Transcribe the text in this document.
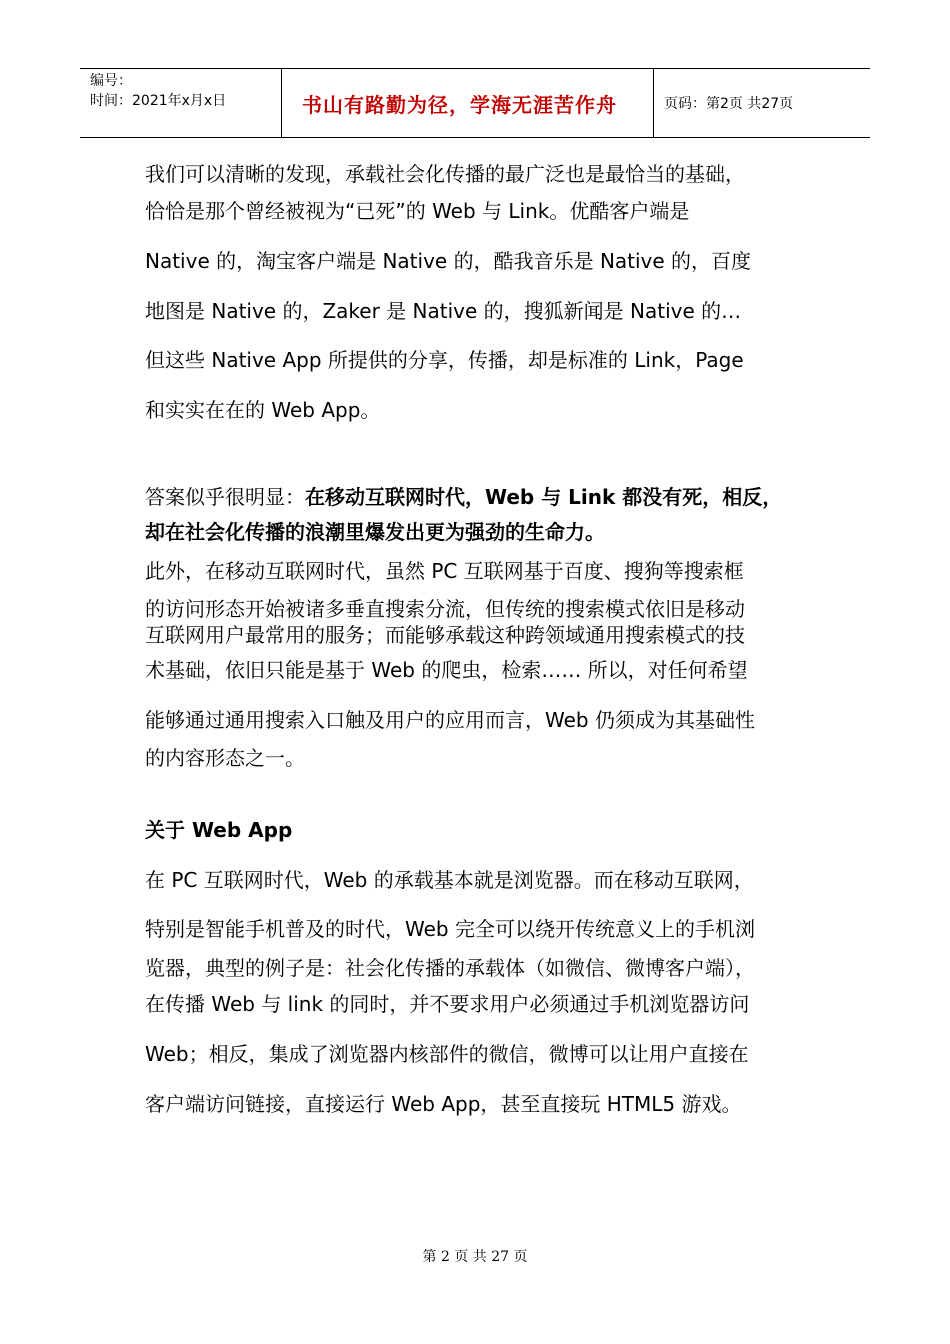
编号：
时间：2021年x月x日	书山有路勤为径，学海无涯苦作舟	页码：第2页 共27页
我们可以清晰的发现，承载社会化传播的最广泛也是最恰当的基础，
恰恰是那个曾经被视为“已死”的 Web 与 Link。优酷客户端是
Native 的，淘宝客户端是 Native 的，酷我音乐是 Native 的，百度
地图是 Native 的，Zaker 是 Native 的，搜狐新闻是 Native 的…
但这些 Native App 所提供的分享，传播，却是标准的 Link，Page
和实实在在的 Web App。
答案似乎很明显：在移动互联网时代，Web 与 Link 都没有死，相反，
却在社会化传播的浪潮里爆发出更为强劲的生命力。
此外，在移动互联网时代，虽然 PC 互联网基于百度、搜狗等搜索框
的访问形态开始被诸多垂直搜索分流，但传统的搜索模式依旧是移动
互联网用户最常用的服务；而能够承载这种跨领域通用搜索模式的技
术基础，依旧只能是基于 Web 的爬虫，检索…… 所以，对任何希望
能够通过通用搜索入口触及用户的应用而言，Web 仍须成为其基础性
的内容形态之一。
关于 Web App
在 PC 互联网时代，Web 的承载基本就是浏览器。而在移动互联网，
特别是智能手机普及的时代，Web 完全可以绕开传统意义上的手机浏
览器，典型的例子是：社会化传播的承载体（如微信、微博客户端），
在传播 Web 与 link 的同时，并不要求用户必须通过手机浏览器访问
Web；相反，集成了浏览器内核部件的微信，微博可以让用户直接在
客户端访问链接，直接运行 Web App，甚至直接玩 HTML5 游戏。
第 2 页 共 27 页
